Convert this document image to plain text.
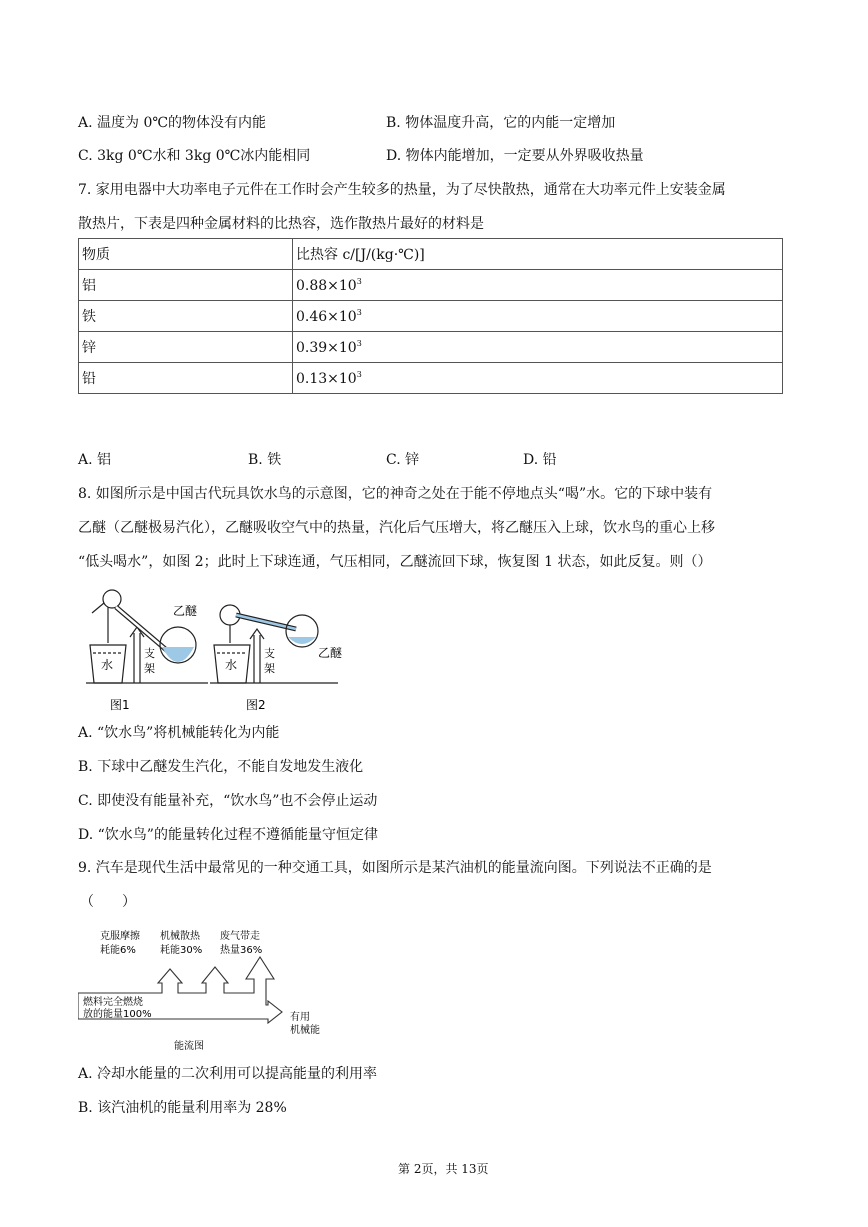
A. 温度为 0℃的物体没有内能	B. 物体温度升高，它的内能一定增加
C. 3kg 0℃水和 3kg 0℃冰内能相同	D. 物体内能增加，一定要从外界吸收热量
7. 家用电器中大功率电子元件在工作时会产生较多的热量，为了尽快散热，通常在大功率元件上安装金属
散热片，下表是四种金属材料的比热容，选作散热片最好的材料是
物质	比热容 c/[J/(kg·℃)]
铝	$0.88\times 10^3$
铁	$0.46\times 10^3$
锌	$0.39\times 10^3$
铅	$0.13\times 10^3$
A. 铝	B. 铁	C. 锌	D. 铅
8. 如图所示是中国古代玩具饮水鸟的示意图，它的神奇之处在于能不停地点头“喝”水。它的下球中装有
乙醚（乙醚极易汽化），乙醚吸收空气中的热量，汽化后气压增大，将乙醚压入上球，饮水鸟的重心上移
“低头喝水”，如图 2；此时上下球连通，气压相同，乙醚流回下球，恢复图 1 状态，如此反复。则（）
乙醚
乙醚
水	水
支
架
支
架
图1	图2
A. “饮水鸟”将机械能转化为内能
B. 下球中乙醚发生汽化，不能自发地发生液化
C. 即使没有能量补充，“饮水鸟”也不会停止运动
D. “饮水鸟”的能量转化过程不遵循能量守恒定律
9. 汽车是现代生活中最常见的一种交通工具，如图所示是某汽油机的能量流向图。下列说法不正确的是
（　　）
克服摩擦
耗能6%
机械散热
耗能30%
废气带走
热量36%
燃料完全燃烧
放的能量100%	有用
机械能
能流图
A. 冷却水能量的二次利用可以提高能量的利用率
B. 该汽油机的能量利用率为 28%
第 2页，共 13页
